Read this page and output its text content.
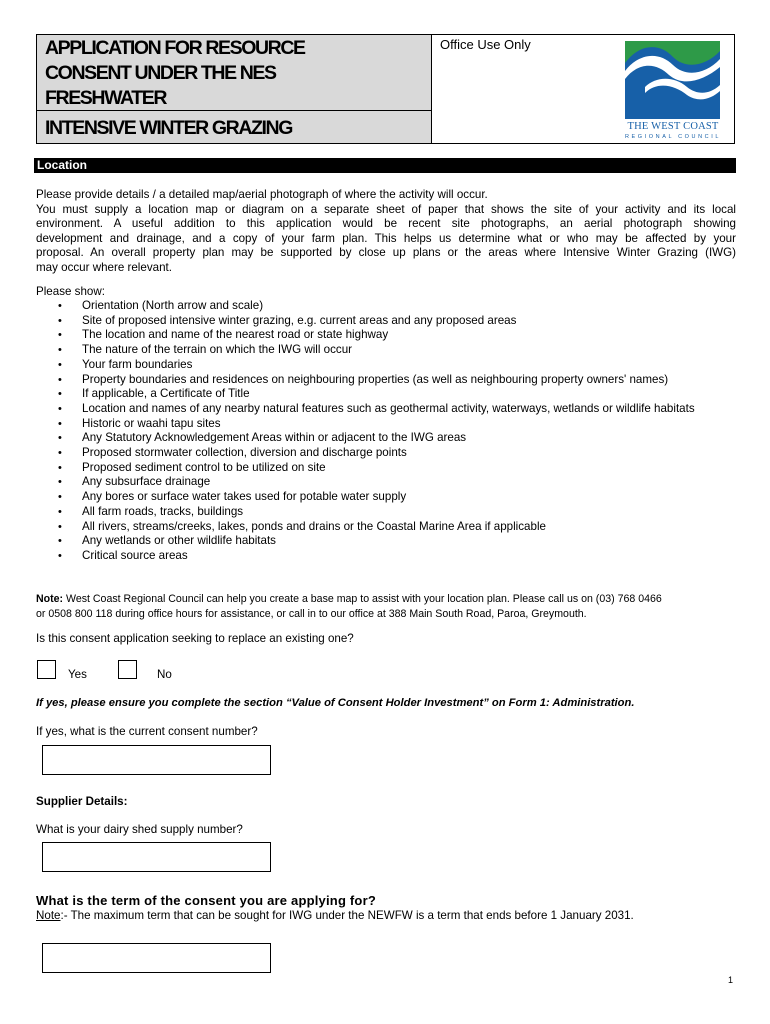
APPLICATION FOR RESOURCE
CONSENT UNDER THE NES
FRESHWATER
INTENSIVE WINTER GRAZING
Office Use Only
THE WEST COAST
REGIONAL COUNCIL
Location
Please provide details / a detailed map/aerial photograph of where the activity will occur.
You must supply a location map or diagram on a separate sheet of paper that shows the site of your activity and its local
environment. A useful addition to this application would be recent site photographs, an aerial photograph showing
development and drainage, and a copy of your farm plan. This helps us determine what or who may be affected by your
proposal. An overall property plan may be supported by close up plans or the areas where Intensive Winter Grazing (IWG)
may occur where relevant.
Please show:
• Orientation (North arrow and scale)
• Site of proposed intensive winter grazing, e.g. current areas and any proposed areas
• The location and name of the nearest road or state highway
• The nature of the terrain on which the IWG will occur
• Your farm boundaries
• Property boundaries and residences on neighbouring properties (as well as neighbouring property owners' names)
• If applicable, a Certificate of Title
• Location and names of any nearby natural features such as geothermal activity, waterways, wetlands or wildlife habitats
• Historic or waahi tapu sites
• Any Statutory Acknowledgement Areas within or adjacent to the IWG areas
• Proposed stormwater collection, diversion and discharge points
• Proposed sediment control to be utilized on site
• Any subsurface drainage
• Any bores or surface water takes used for potable water supply
• All farm roads, tracks, buildings
• All rivers, streams/creeks, lakes, ponds and drains or the Coastal Marine Area if applicable
• Any wetlands or other wildlife habitats
• Critical source areas
Note: West Coast Regional Council can help you create a base map to assist with your location plan. Please call us on (03) 768 0466
or 0508 800 118 during office hours for assistance, or call in to our office at 388 Main South Road, Paroa, Greymouth.
Is this consent application seeking to replace an existing one?
Yes	No
If yes, please ensure you complete the section “Value of Consent Holder Investment” on Form 1: Administration.
If yes, what is the current consent number?
Supplier Details:
What is your dairy shed supply number?
What is the term of the consent you are applying for?
Note:- The maximum term that can be sought for IWG under the NEWFW is a term that ends before 1 January 2031.
1
